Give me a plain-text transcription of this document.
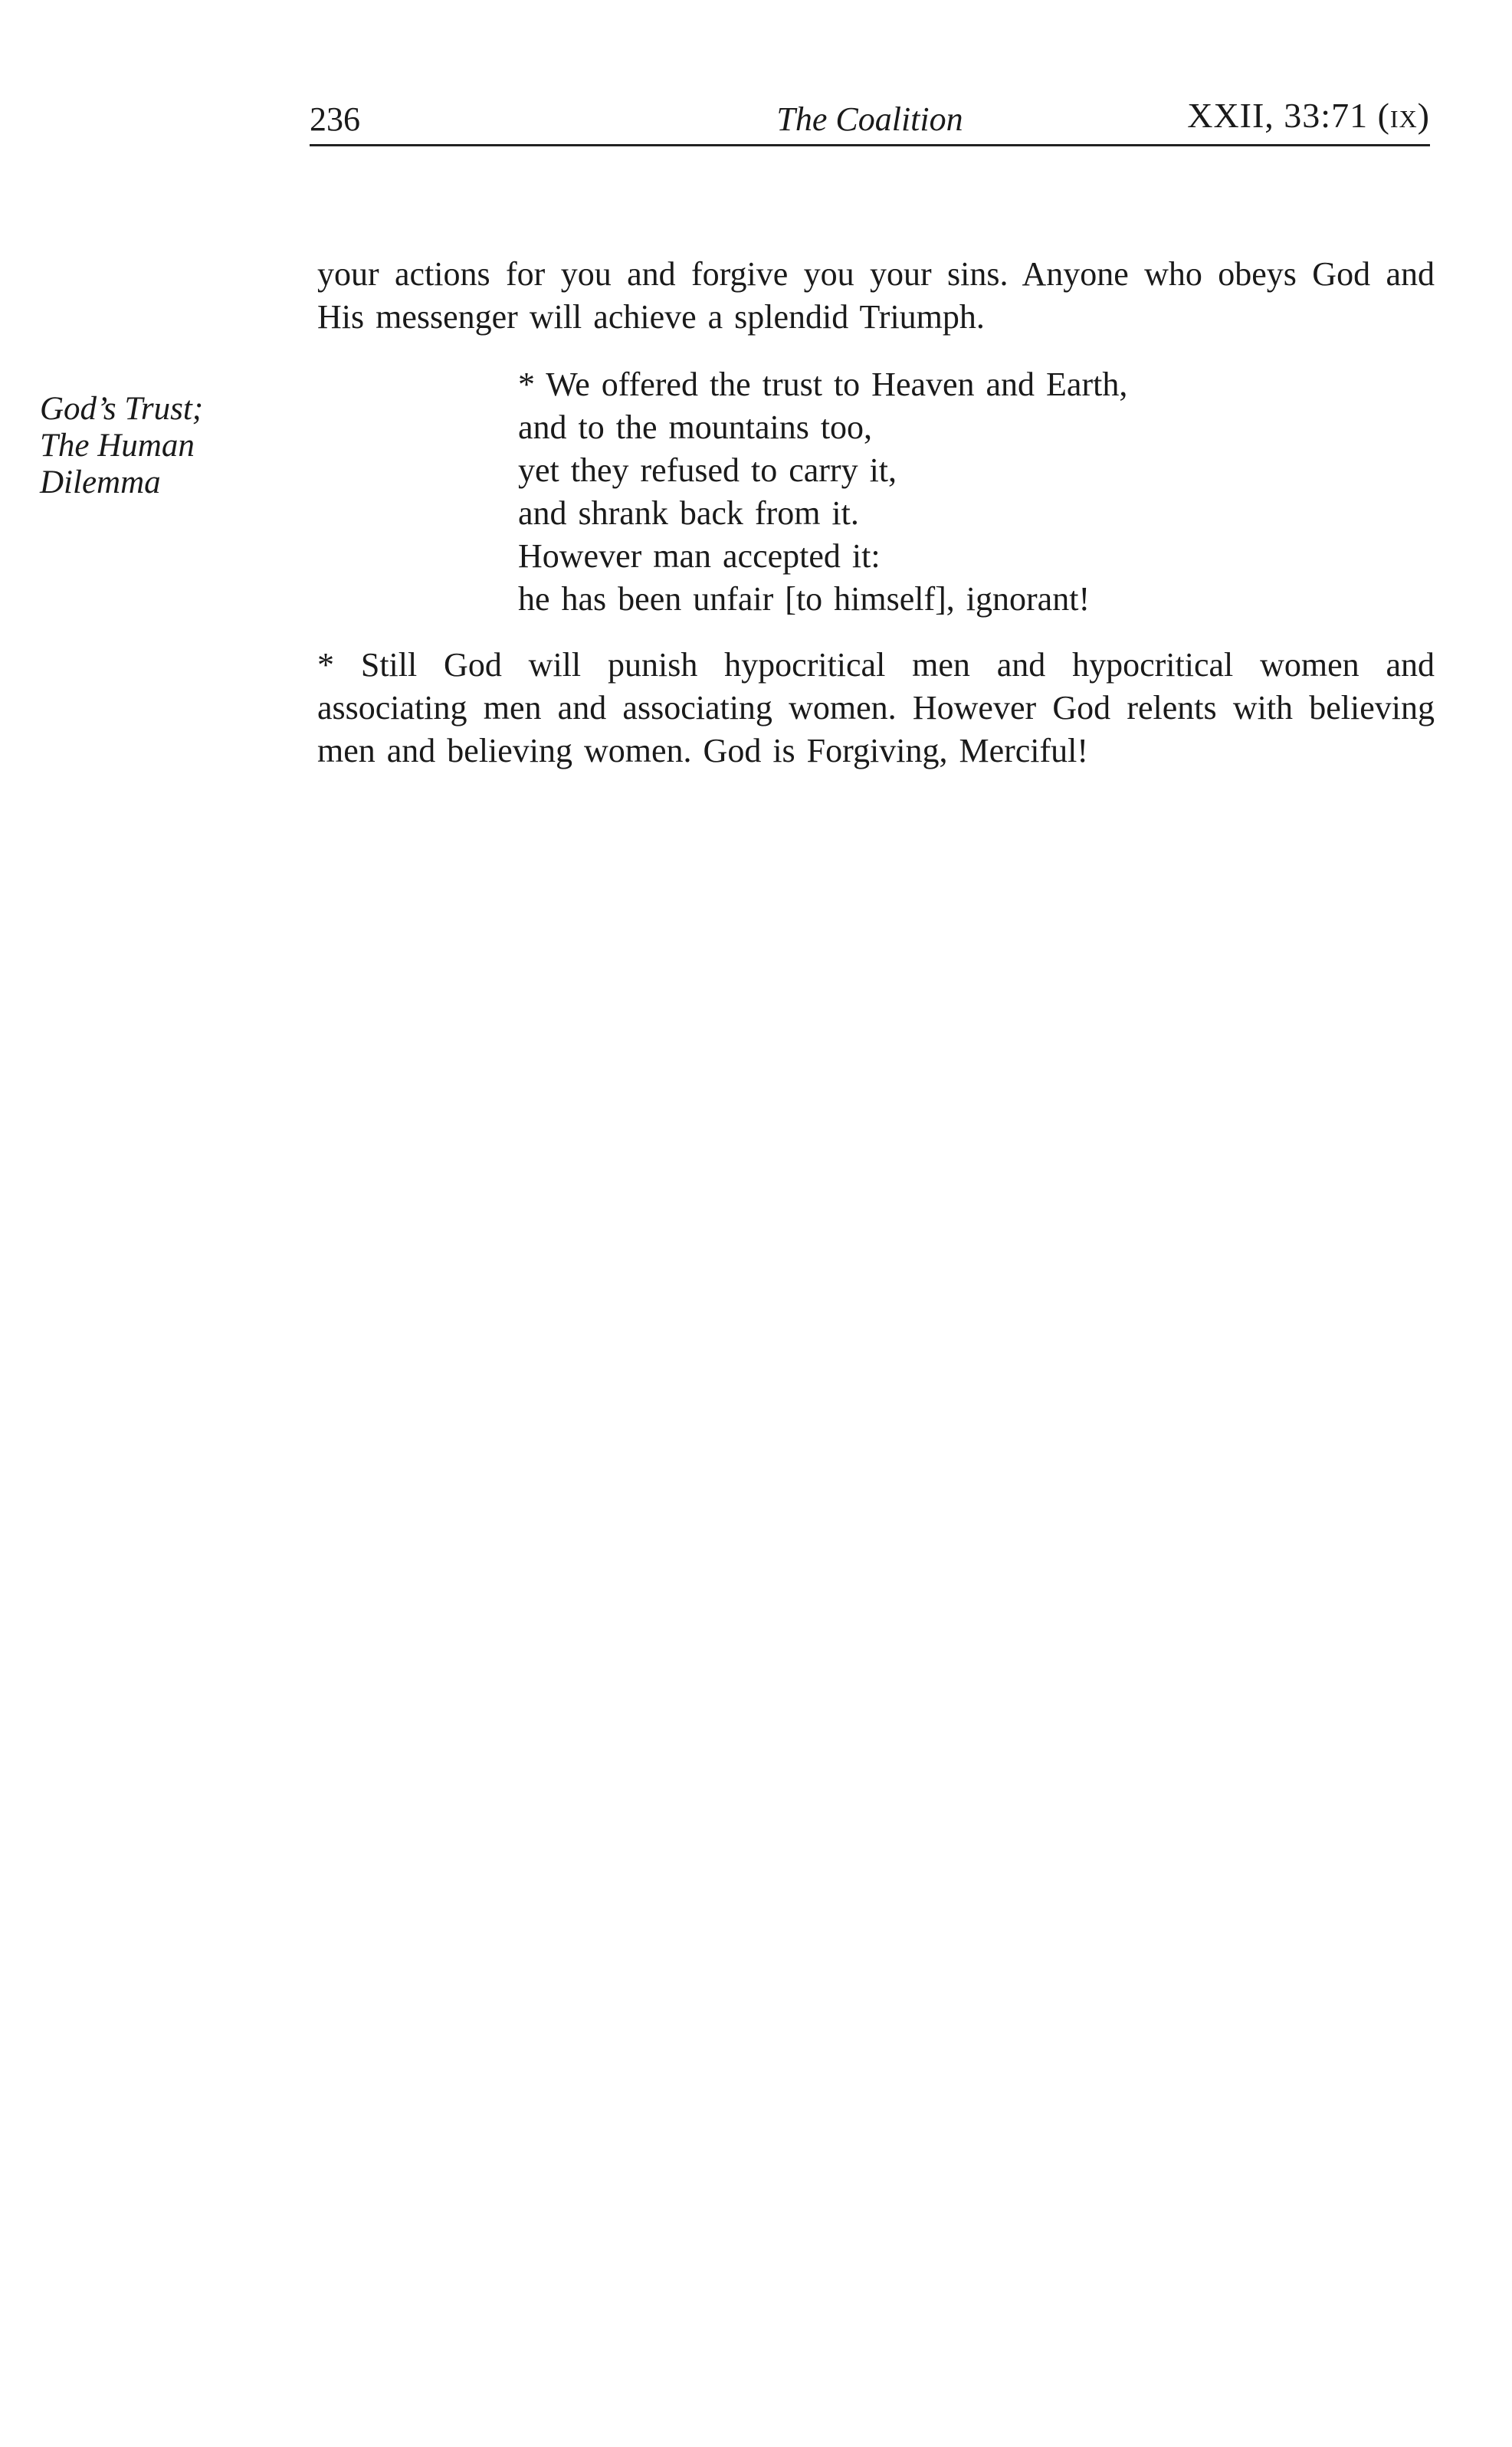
236	The Coalition	XXII, 33:71 (ix)
your actions for you and forgive you your sins. Anyone who obeys God and His messenger will achieve a splendid Triumph.
God’s Trust;
The Human
Dilemma
* We offered the trust to Heaven and Earth,
and to the mountains too,
yet they refused to carry it,
and shrank back from it.
However man accepted it:
he has been unfair [to himself], ignorant!
* Still God will punish hypocritical men and hypocritical women and associating men and associating women. However God relents with believing men and believing women. God is Forgiving, Merciful!
